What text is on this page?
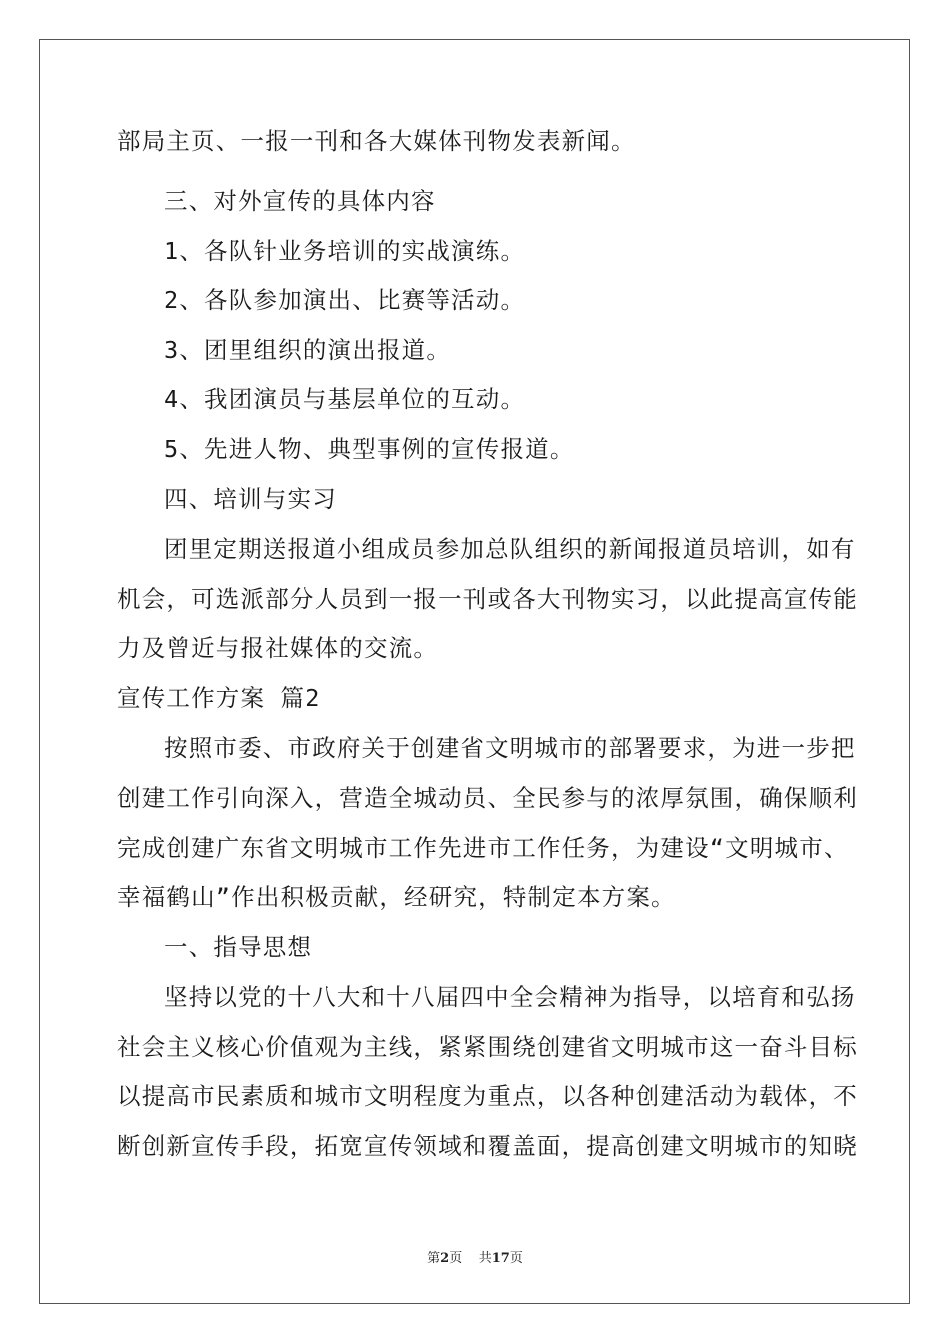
部局主页、一报一刊和各大媒体刊物发表新闻。
三、对外宣传的具体内容
1、各队针业务培训的实战演练。
2、各队参加演出、比赛等活动。
3、团里组织的演出报道。
4、我团演员与基层单位的互动。
5、先进人物、典型事例的宣传报道。
四、培训与实习
团里定期送报道小组成员参加总队组织的新闻报道员培训，如有
机会，可选派部分人员到一报一刊或各大刊物实习，以此提高宣传能
力及曾近与报社媒体的交流。
宣传工作方案 篇2
按照市委、市政府关于创建省文明城市的部署要求，为进一步把
创建工作引向深入，营造全城动员、全民参与的浓厚氛围，确保顺利
完成创建广东省文明城市工作先进市工作任务，为建设“文明城市、
幸福鹤山”作出积极贡献，经研究，特制定本方案。
一、指导思想
坚持以党的十八大和十八届四中全会精神为指导，以培育和弘扬
社会主义核心价值观为主线，紧紧围绕创建省文明城市这一奋斗目标
以提高市民素质和城市文明程度为重点，以各种创建活动为载体，不
断创新宣传手段，拓宽宣传领域和覆盖面，提高创建文明城市的知晓
第2页 共17页
